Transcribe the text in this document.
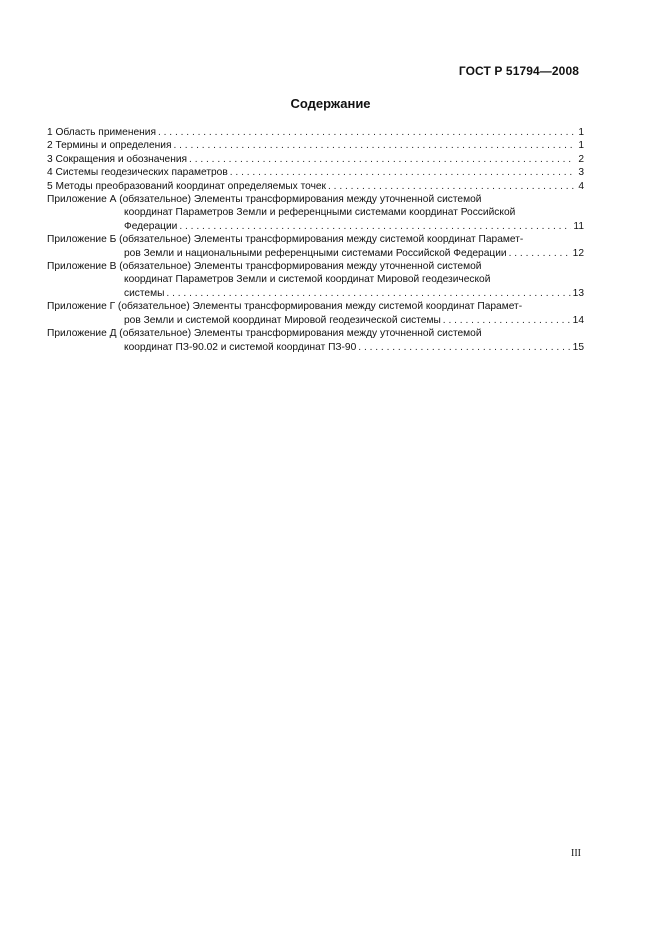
ГОСТ Р 51794—2008
Содержание
1 Область применения . . .	1
2 Термины и определения . . .	1
3 Сокращения и обозначения . . .	2
4 Системы геодезических параметров . . .	3
5 Методы преобразований координат определяемых точек . . .	4
Приложение А (обязательное) Элементы трансформирования между уточненной системой
координат Параметров Земли и референцными системами координат Российской
Федерации . . .	11
Приложение Б (обязательное) Элементы трансформирования между системой координат Парамет-
ров Земли и национальными референцными системами Российской Федерации . . .	12
Приложение В (обязательное) Элементы трансформирования между уточненной системой
координат Параметров Земли и системой координат Мировой геодезической
системы . . .	13
Приложение Г (обязательное) Элементы трансформирования между системой координат Парамет-
ров Земли и системой координат Мировой геодезической системы . . .	14
Приложение Д (обязательное) Элементы трансформирования между уточненной системой
координат ПЗ-90.02 и системой координат ПЗ-90 . . .	15
III
